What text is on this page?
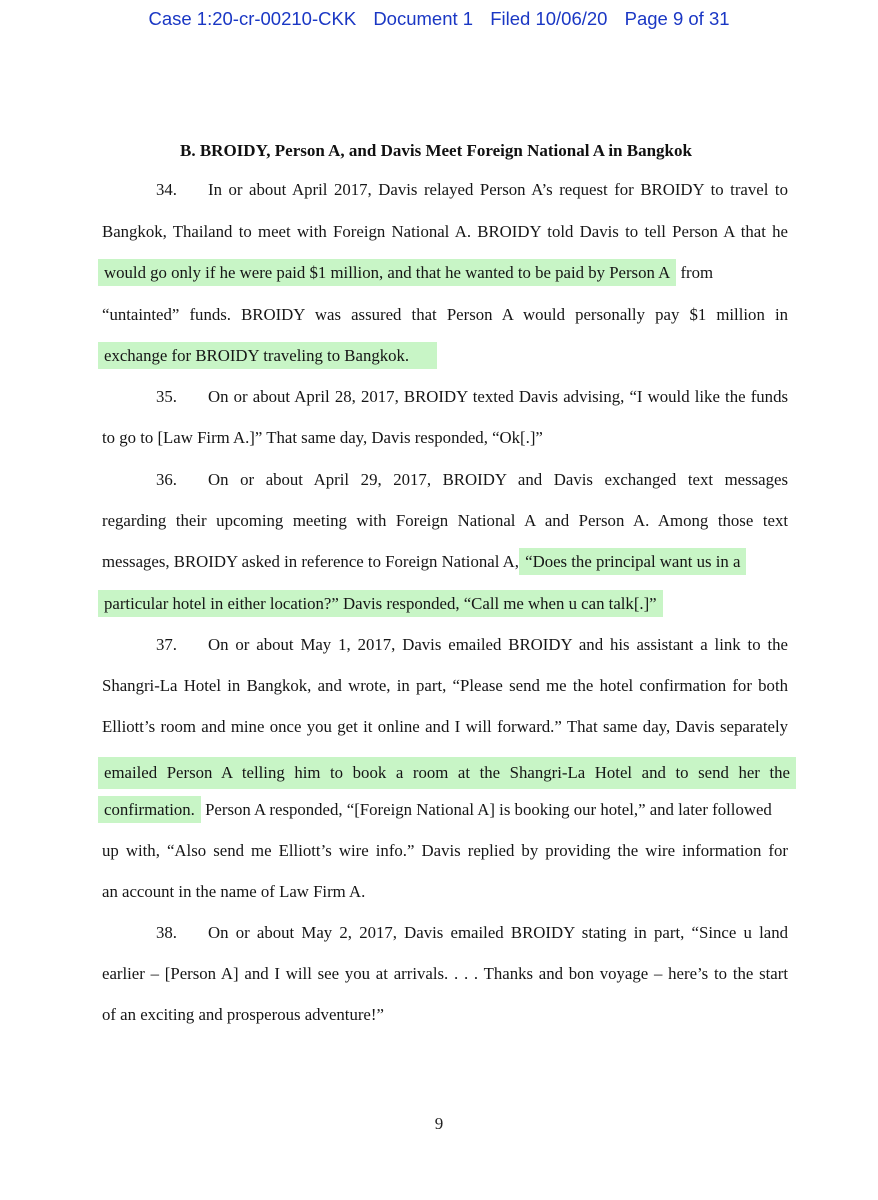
Case 1:20-cr-00210-CKK Document 1 Filed 10/06/20 Page 9 of 31
B. BROIDY, Person A, and Davis Meet Foreign National A in Bangkok
34. In or about April 2017, Davis relayed Person A’s request for BROIDY to travel to
Bangkok, Thailand to meet with Foreign National A. BROIDY told Davis to tell Person A that he
would go only if he were paid $1 million, and that he wanted to be paid by Person A from
“untainted” funds. BROIDY was assured that Person A would personally pay $1 million in
exchange for BROIDY traveling to Bangkok.
35. On or about April 28, 2017, BROIDY texted Davis advising, “I would like the funds
to go to [Law Firm A.]” That same day, Davis responded, “Ok[.]”
36. On or about April 29, 2017, BROIDY and Davis exchanged text messages
regarding their upcoming meeting with Foreign National A and Person A. Among those text
messages, BROIDY asked in reference to Foreign National A, “Does the principal want us in a
particular hotel in either location?” Davis responded, “Call me when u can talk[.]”
37. On or about May 1, 2017, Davis emailed BROIDY and his assistant a link to the
Shangri-La Hotel in Bangkok, and wrote, in part, “Please send me the hotel confirmation for both
Elliott’s room and mine once you get it online and I will forward.” That same day, Davis separately
emailed Person A telling him to book a room at the Shangri-La Hotel and to send her the
confirmation. Person A responded, “[Foreign National A] is booking our hotel,” and later followed
up with, “Also send me Elliott’s wire info.” Davis replied by providing the wire information for
an account in the name of Law Firm A.
38. On or about May 2, 2017, Davis emailed BROIDY stating in part, “Since u land
earlier – [Person A] and I will see you at arrivals. . . . Thanks and bon voyage – here’s to the start
of an exciting and prosperous adventure!”
9
